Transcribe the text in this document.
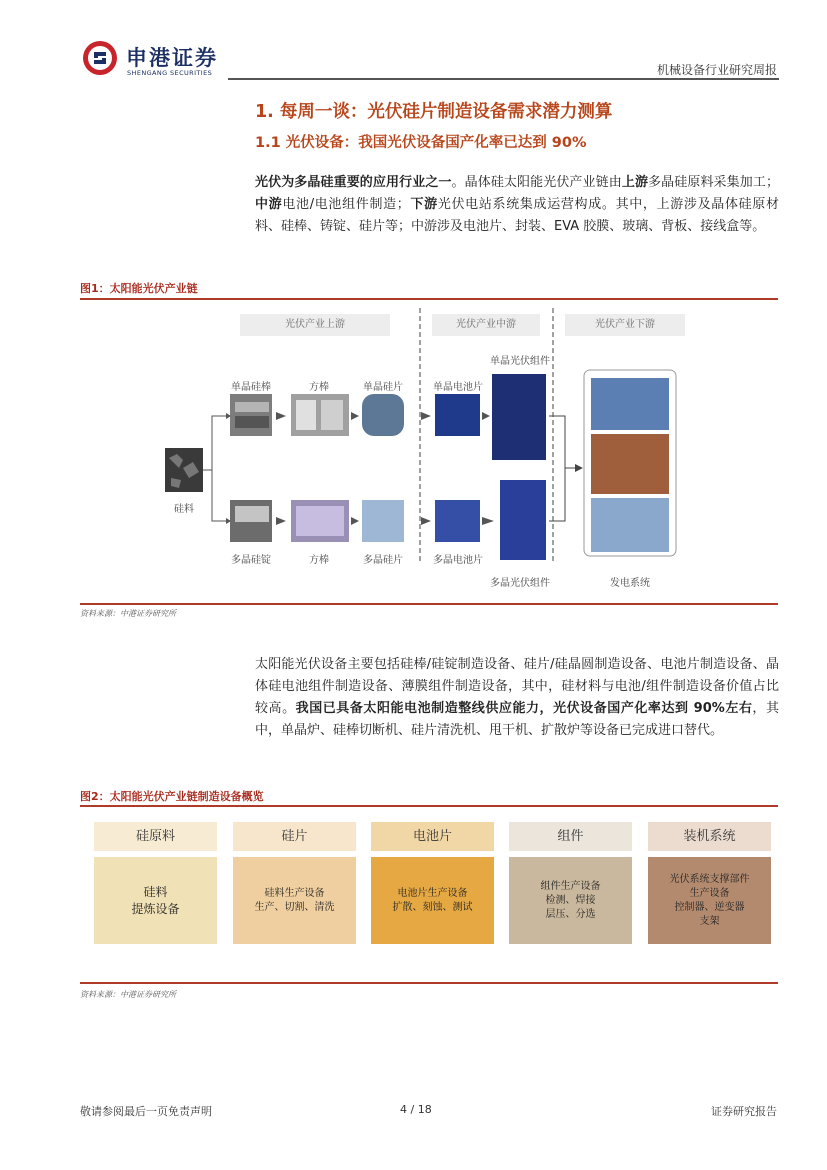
申港证券
SHENGANG SECURITIES	机械设备行业研究周报
1. 每周一谈：光伏硅片制造设备需求潜力测算
1.1 光伏设备：我国光伏设备国产化率已达到 90%
光伏为多晶硅重要的应用行业之一。晶体硅太阳能光伏产业链由上游多晶硅原料采集加工；中游电池/电池组件制造；下游光伏电站系统集成运营构成。其中，上游涉及晶体硅原材料、硅棒、铸锭、硅片等；中游涉及电池片、封装、EVA 胶膜、玻璃、背板、接线盒等。
图1：太阳能光伏产业链
光伏产业上游	光伏产业中游	光伏产业下游
单晶硅棒	方棒	单晶硅片	单晶电池片
单晶光伏组件
多晶硅锭	方棒	多晶硅片	多晶电池片
多晶光伏组件
硅料
发电系统
资料来源：中港证券研究所
太阳能光伏设备主要包括硅棒/硅锭制造设备、硅片/硅晶圆制造设备、电池片制造设备、晶体硅电池组件制造设备、薄膜组件制造设备，其中，硅材料与电池/组件制造设备价值占比较高。我国已具备太阳能电池制造整线供应能力，光伏设备国产化率达到 90%左右，其中，单晶炉、硅棒切断机、硅片清洗机、甩干机、扩散炉等设备已完成进口替代。
图2：太阳能光伏产业链制造设备概览
资料来源：中港证券研究所
敬请参阅最后一页免责声明	4 / 18	证券研究报告
硅原料
硅料
提炼设备
硅片
硅料生产设备
生产、切割、清洗
电池片
电池片生产设备
扩散、刻蚀、测试
组件
组件生产设备
检测、焊接
层压、分选
装机系统
光伏系统支撑部件
生产设备
控制器、逆变器
支架
